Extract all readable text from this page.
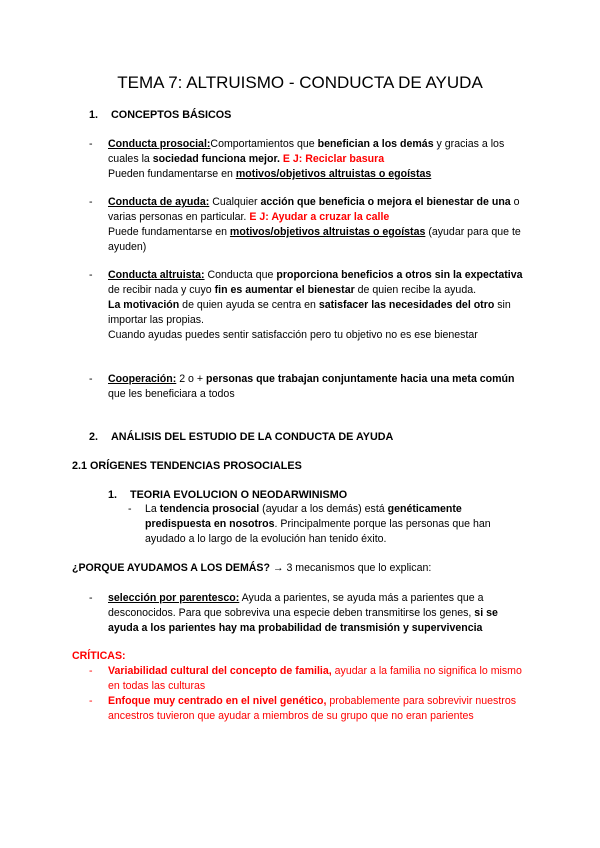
TEMA 7: ALTRUISMO - CONDUCTA DE AYUDA
1. CONCEPTOS BÁSICOS
- Conducta prosocial:Comportamientos que benefician a los demás y gracias a los cuales la sociedad funciona mejor. E J: Reciclar basura

Pueden fundamentarse en motivos/objetivos altruistas o egoístas

- Conducta de ayuda: Cualquier acción que beneficia o mejora el bienestar de una o varias personas en particular. E J: Ayudar a cruzar la calle

Puede fundamentarse en motivos/objetivos altruistas o egoístas (ayudar para que te ayuden)

- Conducta altruista: Conducta que proporciona beneficios a otros sin la expectativa de recibir nada y cuyo fin es aumentar el bienestar de quien recibe la ayuda.

La motivación de quien ayuda se centra en satisfacer las necesidades del otro sin importar las propias.

Cuando ayudas puedes sentir satisfacción pero tu objetivo no es ese bienestar

- Cooperación: 2 o + personas que trabajan conjuntamente hacia una meta común que les beneficiara a todos

2. ANÁLISIS DEL ESTUDIO DE LA CONDUCTA DE AYUDA
2.1 ORÍGENES TENDENCIAS PROSOCIALES
1. TEORIA EVOLUCION O NEODARWINISMO
- La tendencia prosocial (ayudar a los demás) está genéticamente predispuesta en nosotros. Principalmente porque las personas que han ayudado a lo largo de la evolución han tenido éxito.

¿PORQUE AYUDAMOS A LOS DEMÁS? → 3 mecanismos que lo explican:
- selección por parentesco: Ayuda a parientes, se ayuda más a parientes que a desconocidos. Para que sobreviva una especie deben transmitirse los genes, si se ayuda a los parientes hay ma probabilidad de transmisión y supervivencia

CRÍTICAS:
- Variabilidad cultural del concepto de familia, ayudar a la familia no significa lo mismo en todas las culturas

- Enfoque muy centrado en el nivel genético, probablemente para sobrevivir nuestros ancestros tuvieron que ayudar a miembros de su grupo que no eran parientes
